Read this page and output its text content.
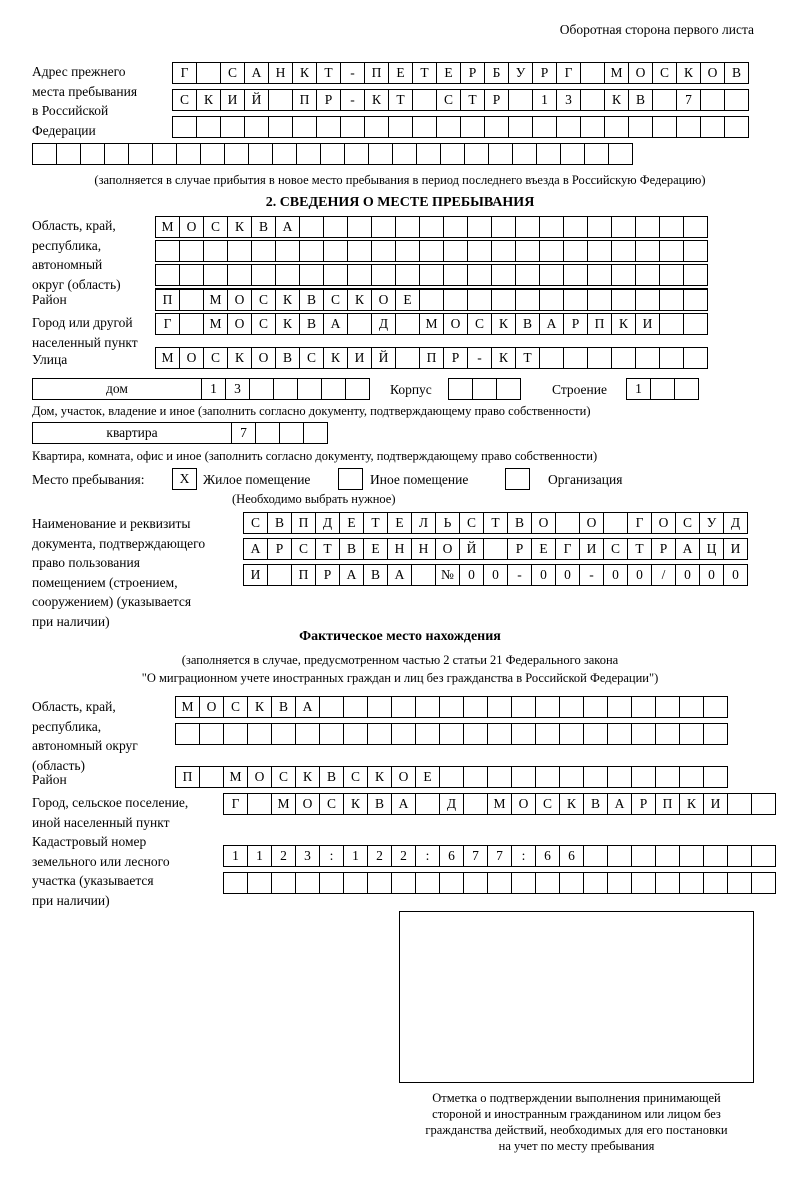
Оборотная сторона первого листа
Адрес прежнего
места пребывания
в Российской
Федерации
Г	С	А	Н	К	Т	-	П	Е	Т	Е	Р	Б	У	Р	Г	М О	С	К	О	В
С	К	И	Й	П	Р	-	К	Т	С	Т	Р	1	3	К	В	7
(заполняется в случае прибытия в новое место пребывания в период последнего въезда в Российскую Федерацию)
2. СВЕДЕНИЯ О МЕСТЕ ПРЕБЫВАНИЯ
Область, край,
республика,
автономный
округ (область)
М О	С	К	В	А
Район	П	М О	С	К	В	С	К	О	Е
Город или другой
населенный пункт
Г	М О	С	К	В	А	Д	М О	С	К	В	А	Р	П	К	И
Улица	М О	С	К	О	В	С	К	И	Й	П	Р	-	К	Т
дом	1	3	Корпус	Строение	1
Дом, участок, владение и иное (заполнить согласно документу, подтверждающему право собственности)
квартира	7
Квартира, комната, офис и иное (заполнить согласно документу, подтверждающему право собственности)
Место пребывания:	X	Жилое помещение	Иное помещение	Организация
(Необходимо выбрать нужное)
Наименование и реквизиты
документа, подтверждающего
право пользования
помещением (строением,
сооружением) (указывается
при наличии)
С	В	П	Д	Е	Т	Е	Л	Ь	С	Т	В	О	О	Г	О	С	У	Д
А	Р	С	Т	В	Е	Н	Н	О	Й	Р	Е	Г	И	С	Т	Р	А	Ц	И
И	П	Р	А	В	А	№	0	0	-	0	0	-	0	0	/	0	0	0
Фактическое место нахождения
(заполняется в случае, предусмотренном частью 2 статьи 21 Федерального закона
"О миграционном учете иностранных граждан и лиц без гражданства в Российской Федерации")
Область, край,
республика,
автономный округ
(область)
М О	С	К	В	А
Район	П	М О	С	К	В	С	К	О	Е
Город, сельское поселение,
иной населенный пункт
Г	М О	С	К	В	А	Д	М О	С	К	В	А	Р	П	К	И
Кадастровый номер
земельного или лесного
участка (указывается
при наличии)
1	1	2	3	:	1	2	2	:	6	7	7	:	6	6
Отметка о подтверждении выполнения принимающей
стороной и иностранным гражданином или лицом без
гражданства действий, необходимых для его постановки
на учет по месту пребывания
